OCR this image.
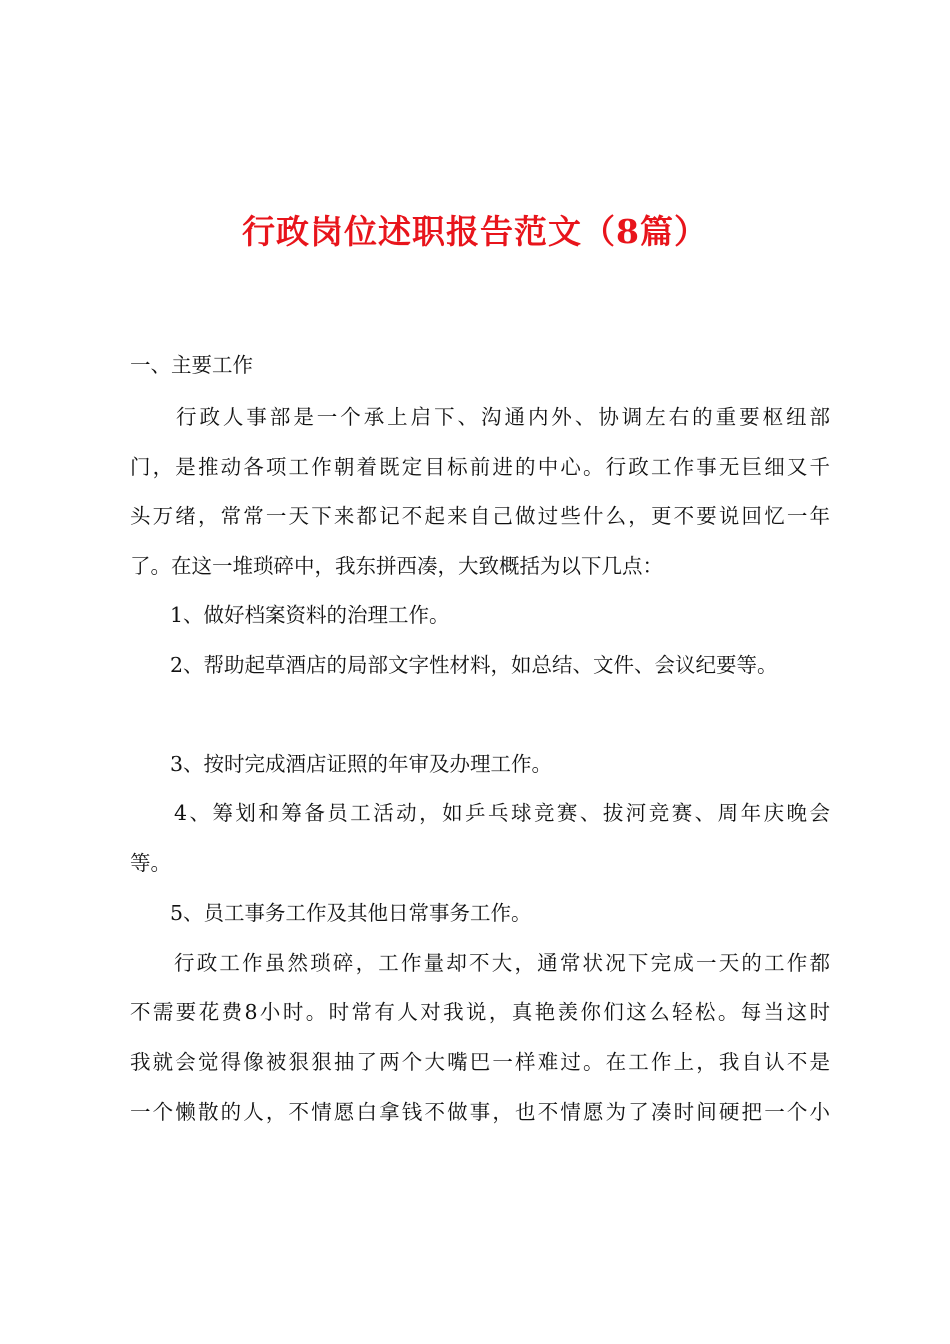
行政岗位述职报告范文（8篇）
一、主要工作
行政人事部是一个承上启下、沟通内外、协调左右的重要枢纽部
门，是推动各项工作朝着既定目标前进的中心。行政工作事无巨细又千
头万绪，常常一天下来都记不起来自己做过些什么，更不要说回忆一年
了。在这一堆琐碎中，我东拼西凑，大致概括为以下几点：
1、做好档案资料的治理工作。
2、帮助起草酒店的局部文字性材料，如总结、文件、会议纪要等。
3、按时完成酒店证照的年审及办理工作。
4、筹划和筹备员工活动，如乒乓球竞赛、拔河竞赛、周年庆晚会
等。
5、员工事务工作及其他日常事务工作。
行政工作虽然琐碎，工作量却不大，通常状况下完成一天的工作都
不需要花费8小时。时常有人对我说，真艳羡你们这么轻松。每当这时
我就会觉得像被狠狠抽了两个大嘴巴一样难过。在工作上，我自认不是
一个懒散的人，不情愿白拿钱不做事，也不情愿为了凑时间硬把一个小
